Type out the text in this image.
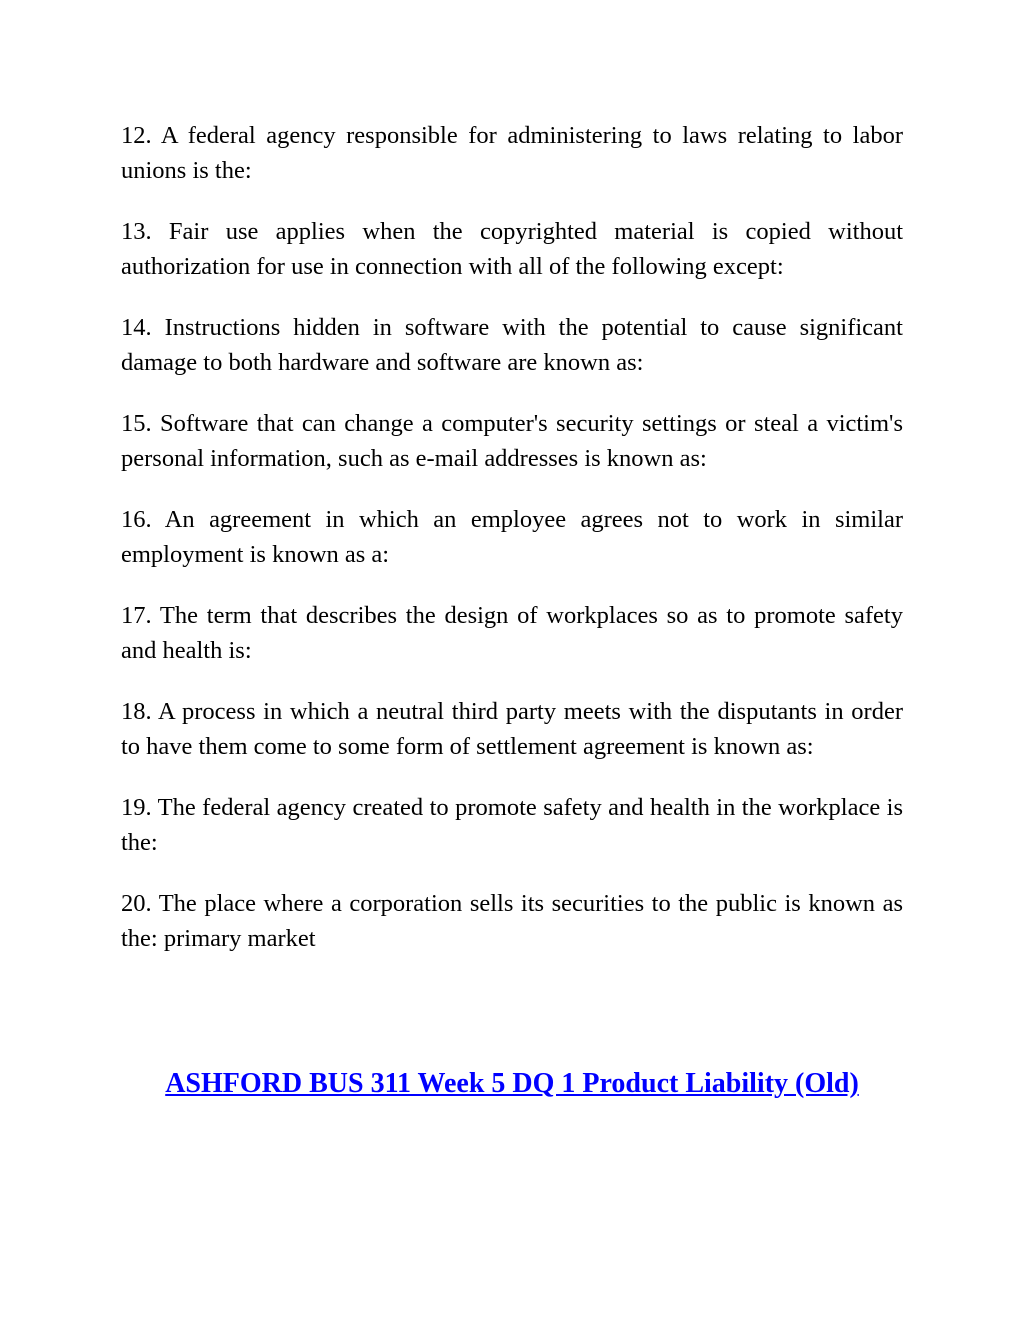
12. A federal agency responsible for administering to laws relating to labor unions is the:

13. Fair use applies when the copyrighted material is copied without authorization for use in connection with all of the following except:

14. Instructions hidden in software with the potential to cause significant damage to both hardware and software are known as:

15. Software that can change a computer's security settings or steal a victim's personal information, such as e-mail addresses is known as:

16. An agreement in which an employee agrees not to work in similar employment is known as a:

17. The term that describes the design of workplaces so as to promote safety and health is:

18. A process in which a neutral third party meets with the disputants in order to have them come to some form of settlement agreement is known as:

19. The federal agency created to promote safety and health in the workplace is the:

20. The place where a corporation sells its securities to the public is known as the: primary market

ASHFORD BUS 311 Week 5 DQ 1 Product Liability (Old)
